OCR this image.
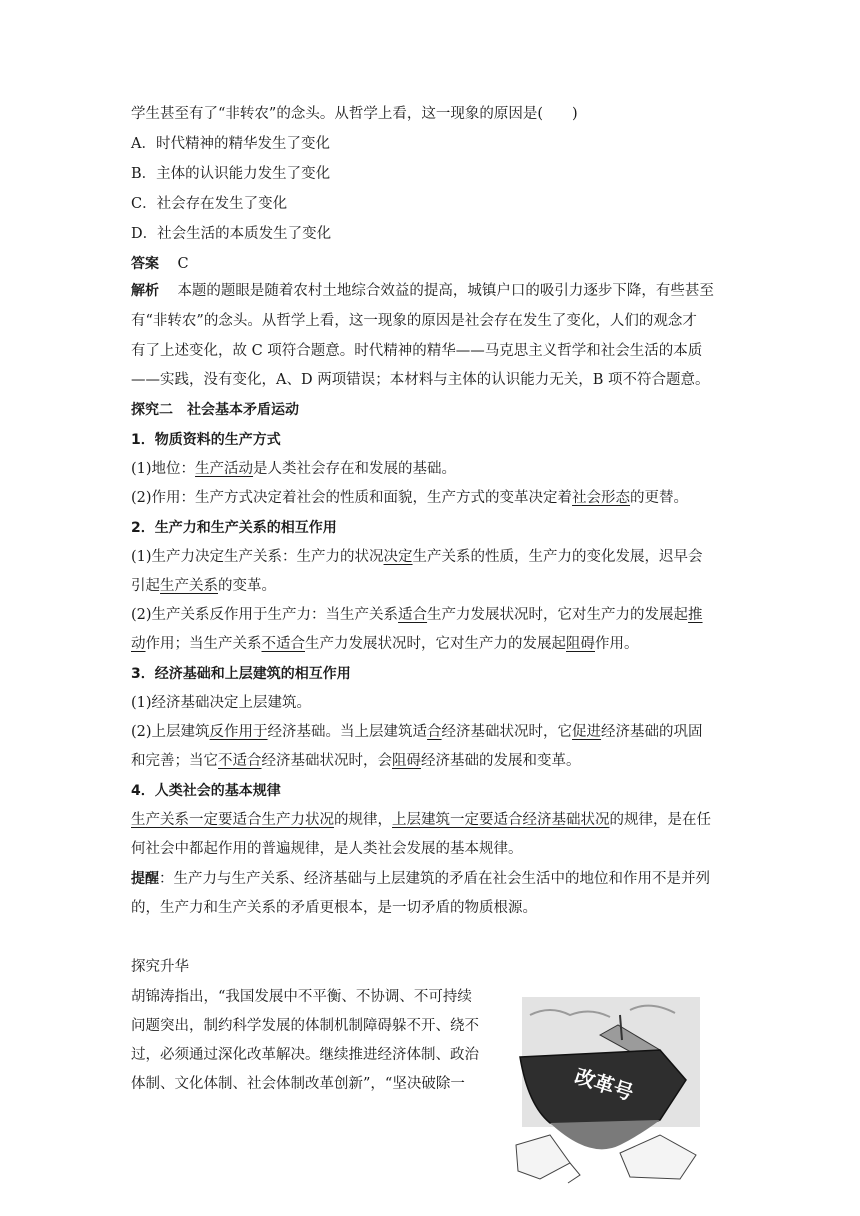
学生甚至有了“非转农”的念头。从哲学上看，这一现象的原因是(　　)
A．时代精神的精华发生了变化
B．主体的认识能力发生了变化
C．社会存在发生了变化
D．社会生活的本质发生了变化
答案 C
解析 本题的题眼是随着农村土地综合效益的提高，城镇户口的吸引力逐步下降，有些甚至
有“非转农”的念头。从哲学上看，这一现象的原因是社会存在发生了变化，人们的观念才
有了上述变化，故 C 项符合题意。时代精神的精华——马克思主义哲学和社会生活的本质
——实践，没有变化，A、D 两项错误；本材料与主体的认识能力无关，B 项不符合题意。
探究二　社会基本矛盾运动
1．物质资料的生产方式
(1)地位：生产活动是人类社会存在和发展的基础。
(2)作用：生产方式决定着社会的性质和面貌，生产方式的变革决定着社会形态的更替。
2．生产力和生产关系的相互作用
(1)生产力决定生产关系：生产力的状况决定生产关系的性质，生产力的变化发展，迟早会
引起生产关系的变革。
(2)生产关系反作用于生产力：当生产关系适合生产力发展状况时，它对生产力的发展起推
动作用；当生产关系不适合生产力发展状况时，它对生产力的发展起阻碍作用。
3．经济基础和上层建筑的相互作用
(1)经济基础决定上层建筑。
(2)上层建筑反作用于经济基础。当上层建筑适合经济基础状况时，它促进经济基础的巩固
和完善；当它不适合经济基础状况时，会阻碍经济基础的发展和变革。
4．人类社会的基本规律
生产关系一定要适合生产力状况的规律，上层建筑一定要适合经济基础状况的规律，是在任
何社会中都起作用的普遍规律，是人类社会发展的基本规律。
提醒：生产力与生产关系、经济基础与上层建筑的矛盾在社会生活中的地位和作用不是并列
的，生产力和生产关系的矛盾更根本，是一切矛盾的物质根源。
探究升华
胡锦涛指出，“我国发展中不平衡、不协调、不可持续
问题突出，制约科学发展的体制机制障碍躲不开、绕不
过，必须通过深化改革解决。继续推进经济体制、政治
体制、文化体制、社会体制改革创新”，“坚决破除一	改革号
